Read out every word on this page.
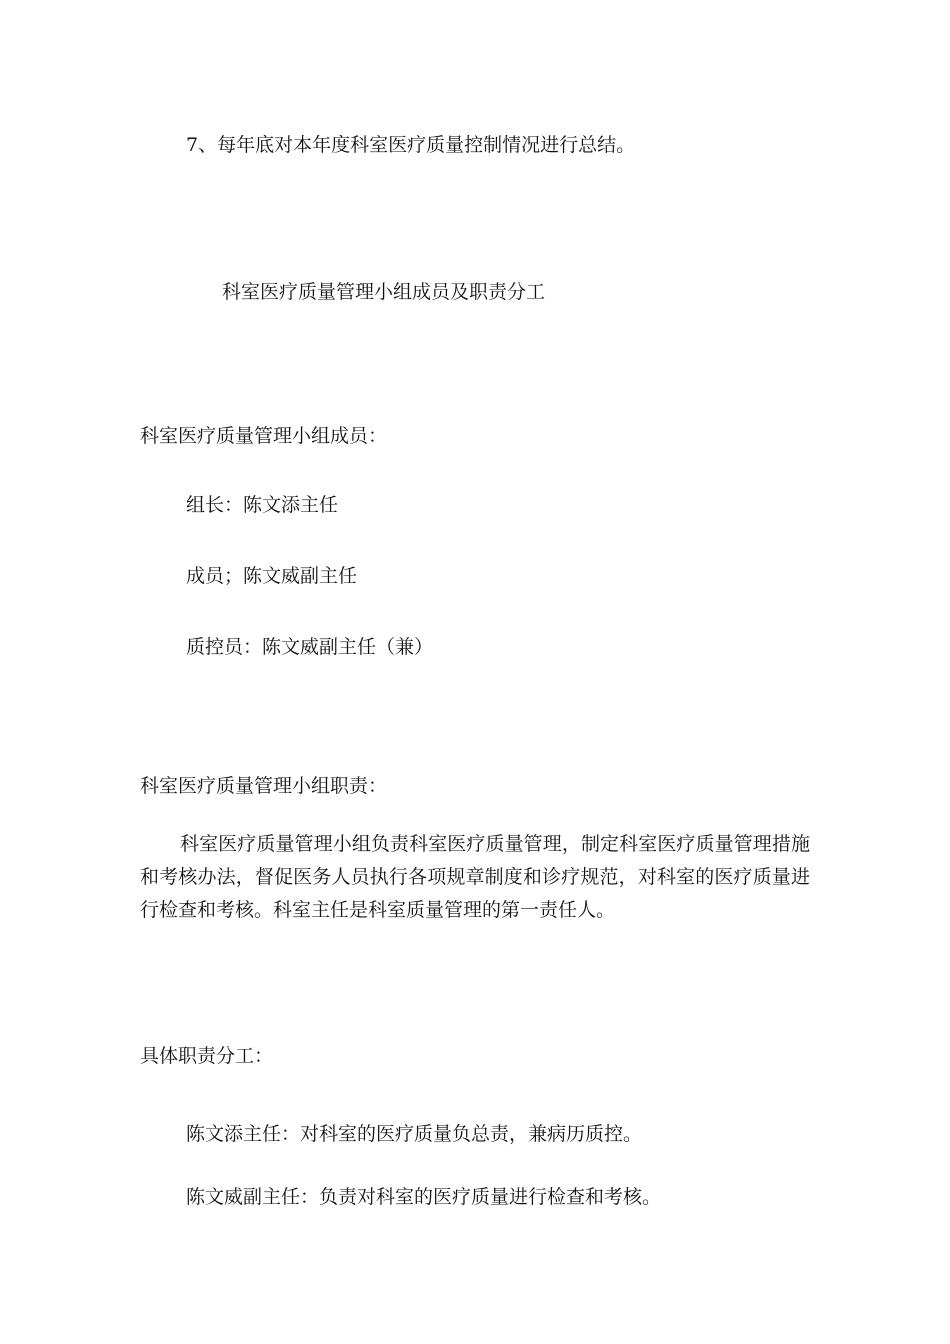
7、每年底对本年度科室医疗质量控制情况进行总结。

科室医疗质量管理小组成员及职责分工

科室医疗质量管理小组成员：

组长：陈文添主任

成员；陈文威副主任

质控员：陈文威副主任（兼）

科室医疗质量管理小组职责：

科室医疗质量管理小组负责科室医疗质量管理，制定科室医疗质量管理措施和考核办法，督促医务人员执行各项规章制度和诊疗规范，对科室的医疗质量进行检查和考核。科室主任是科室质量管理的第一责任人。

具体职责分工：

陈文添主任：对科室的医疗质量负总责，兼病历质控。

陈文威副主任：负责对科室的医疗质量进行检查和考核。
